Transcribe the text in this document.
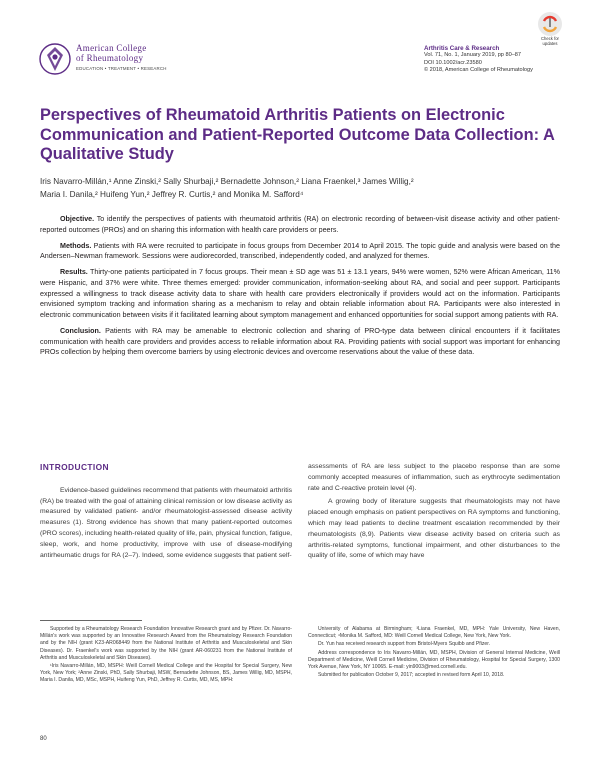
American College
of Rheumatology
EDUCATION • TREATMENT • RESEARCH
Check for
updates
Arthritis Care & Research
Vol. 71, No. 1, January 2019, pp 80–87
DOI 10.1002/acr.23580
© 2018, American College of Rheumatology
Perspectives of Rheumatoid Arthritis Patients on Electronic Communication and Patient-Reported Outcome Data Collection: A Qualitative Study
Iris Navarro-Millán,¹ Anne Zinski,² Sally Shurbaji,² Bernadette Johnson,² Liana Fraenkel,³ James Willig,²
Maria I. Danila,² Huifeng Yun,² Jeffrey R. Curtis,² and Monika M. Safford⁴

Objective. To identify the perspectives of patients with rheumatoid arthritis (RA) on electronic recording of between-visit disease activity and other patient-reported outcomes (PROs) and on sharing this information with health care providers or peers.

Methods. Patients with RA were recruited to participate in focus groups from December 2014 to April 2015. The topic guide and analysis were based on the Andersen–Newman framework. Sessions were audiorecorded, transcribed, independently coded, and analyzed for themes.

Results. Thirty-one patients participated in 7 focus groups. Their mean ± SD age was 51 ± 13.1 years, 94% were women, 52% were African American, 11% were Hispanic, and 37% were white. Three themes emerged: provider communication, information-seeking about RA, and social and peer support. Participants expressed a willingness to track disease activity data to share with health care providers electronically if providers would act on the information. Participants envisioned symptom tracking and information sharing as a mechanism to relay and obtain reliable information about RA. Participants were also interested in electronic communication between visits if it facilitated learning about symptom management and enhanced opportunities for social support among patients with RA.

Conclusion. Patients with RA may be amenable to electronic collection and sharing of PRO-type data between clinical encounters if it facilitates communication with health care providers and provides access to reliable information about RA. Providing patients with social support was important for enhancing PROs collection by helping them overcome barriers by using electronic devices and overcome reservations about the value of these data.

INTRODUCTION

Evidence-based guidelines recommend that patients with rheumatoid arthritis (RA) be treated with the goal of attaining clinical remission or low disease activity as measured by validated patient- and/or rheumatologist-assessed disease activity measures (1). Strong evidence has shown that many patient-reported outcomes (PRO scores), including health-related quality of life, pain, physical function, fatigue, sleep, work, and home productivity, improve with use of disease-modifying antirheumatic drugs for RA (2–7). Indeed, some evidence suggests that patient self-

assessments of RA are less subject to the placebo response than are some commonly accepted measures of inflammation, such as erythrocyte sedimentation rate and C-reactive protein level (4).

A growing body of literature suggests that rheumatologists may not have placed enough emphasis on patient perspectives on RA symptoms and functioning, which may lead patients to decline treatment escalation recommended by their rheumatologists (8,9). Patients view disease activity based on criteria such as arthritis-related symptoms, functional impairment, and other disturbances to the quality of life, some of which may have

Supported by a Rheumatology Research Foundation Innovative Research grant and by Pfizer. Dr. Navarro-Millán's work was supported by an Innovative Research Award from the Rheumatology Research Foundation and by the NIH (grant K23-AR068449 from the National Institute of Arthritis and Musculoskeletal and Skin Diseases). Dr. Fraenkel's work was supported by the NIH (grant AR-060231 from the National Institute of Arthritis and Musculoskeletal and Skin Diseases).

¹Iris Navarro-Millán, MD, MSPH: Weill Cornell Medical College and the Hospital for Special Surgery, New York, New York; ²Anne Zinski, PhD, Sally Shurbaji, MSW, Bernadette Johnson, BS, James Willig, MD, MSPH, Maria I. Danila, MD, MSc, MSPH, Huifeng Yun, PhD, Jeffrey R. Curtis, MD, MS, MPH:

University of Alabama at Birmingham; ³Liana Fraenkel, MD, MPH: Yale University, New Haven, Connecticut; ⁴Monika M. Safford, MD: Weill Cornell Medical College, New York, New York.

Dr. Yun has received research support from Bristol-Myers Squibb and Pfizer.

Address correspondence to Iris Navarro-Millán, MD, MSPH, Division of General Internal Medicine, Weill Department of Medicine, Weill Cornell Medicine, Division of Rheumatology, Hospital for Special Surgery, 1300 York Avenue, New York, NY 10065. E-mail: yin9003@med.cornell.edu.

Submitted for publication October 9, 2017; accepted in revised form April 10, 2018.

80
